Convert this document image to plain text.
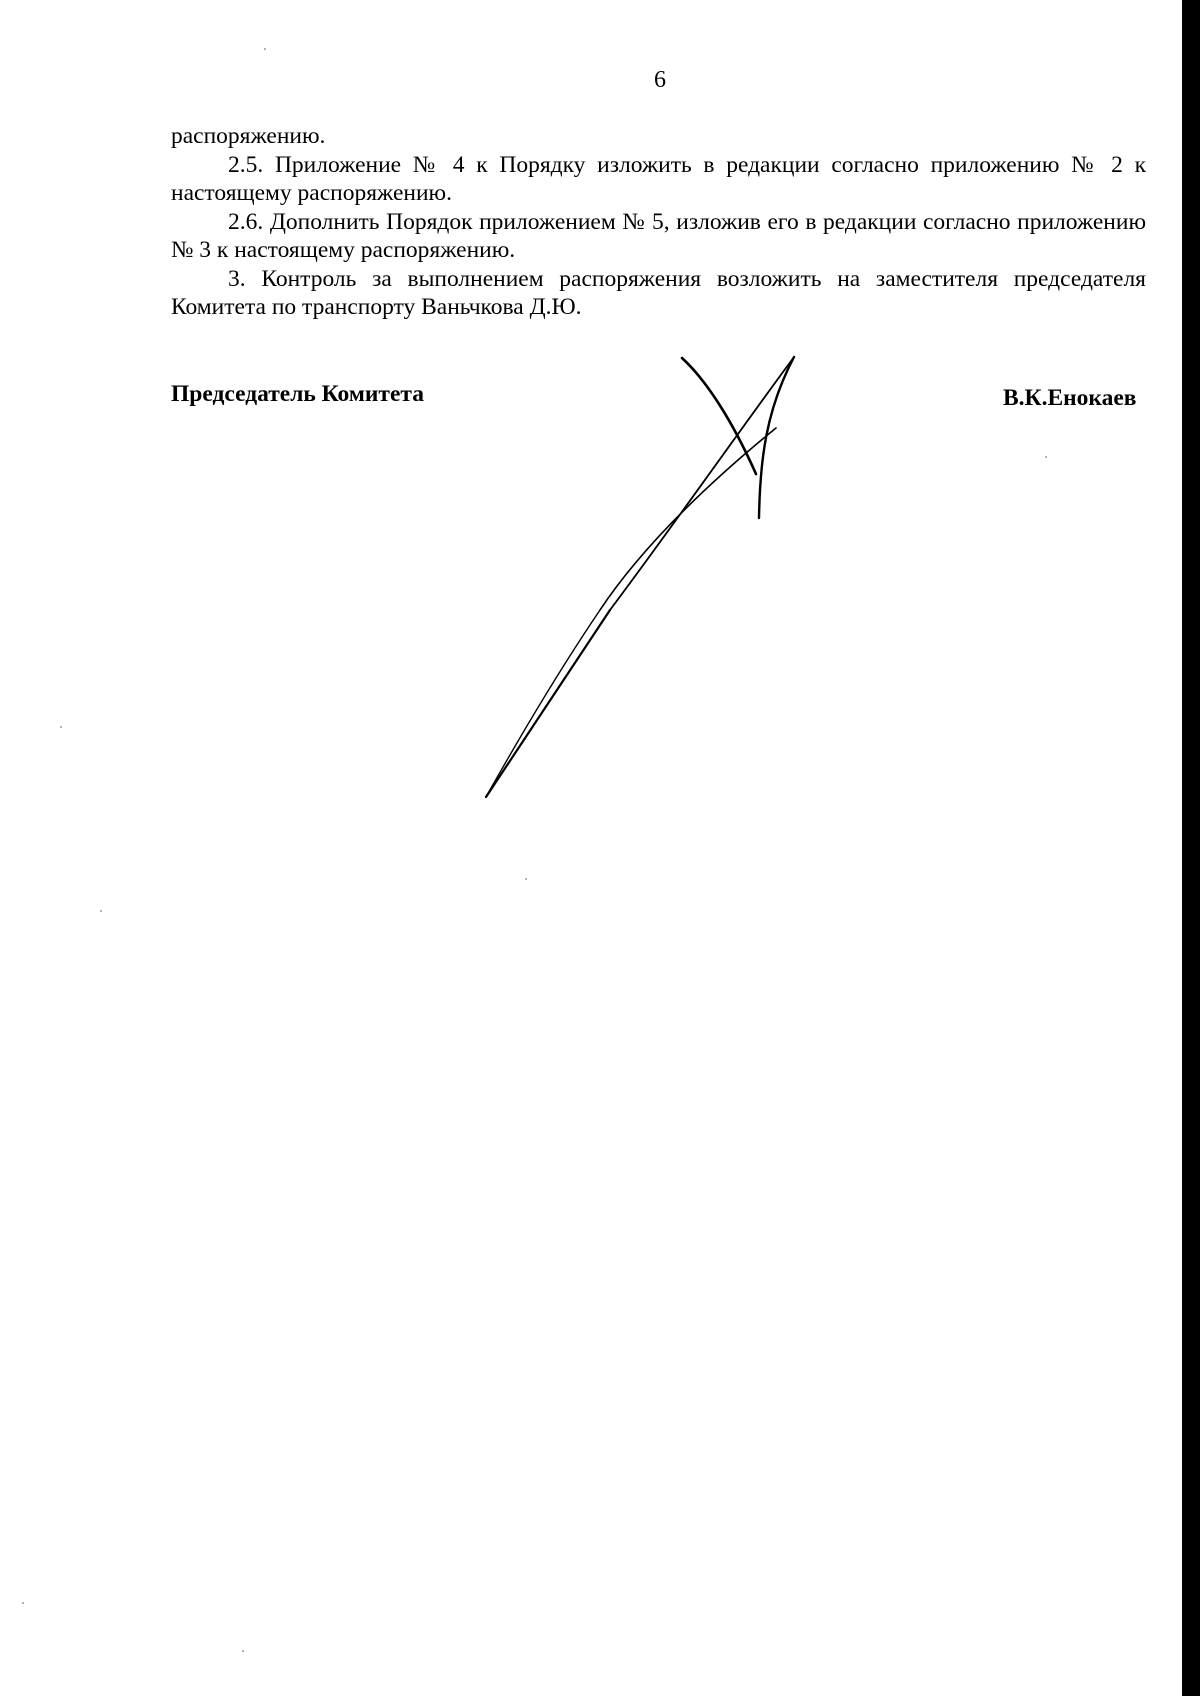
6

распоряжению.

2.5. Приложение № 4 к Порядку изложить в редакции согласно приложению № 2 к настоящему распоряжению.

2.6. Дополнить Порядок приложением № 5, изложив его в редакции согласно приложению № 3 к настоящему распоряжению.

3. Контроль за выполнением распоряжения возложить на заместителя председателя Комитета по транспорту Ваньчкова Д.Ю.

Председатель Комитета	В.К.Енокаев
